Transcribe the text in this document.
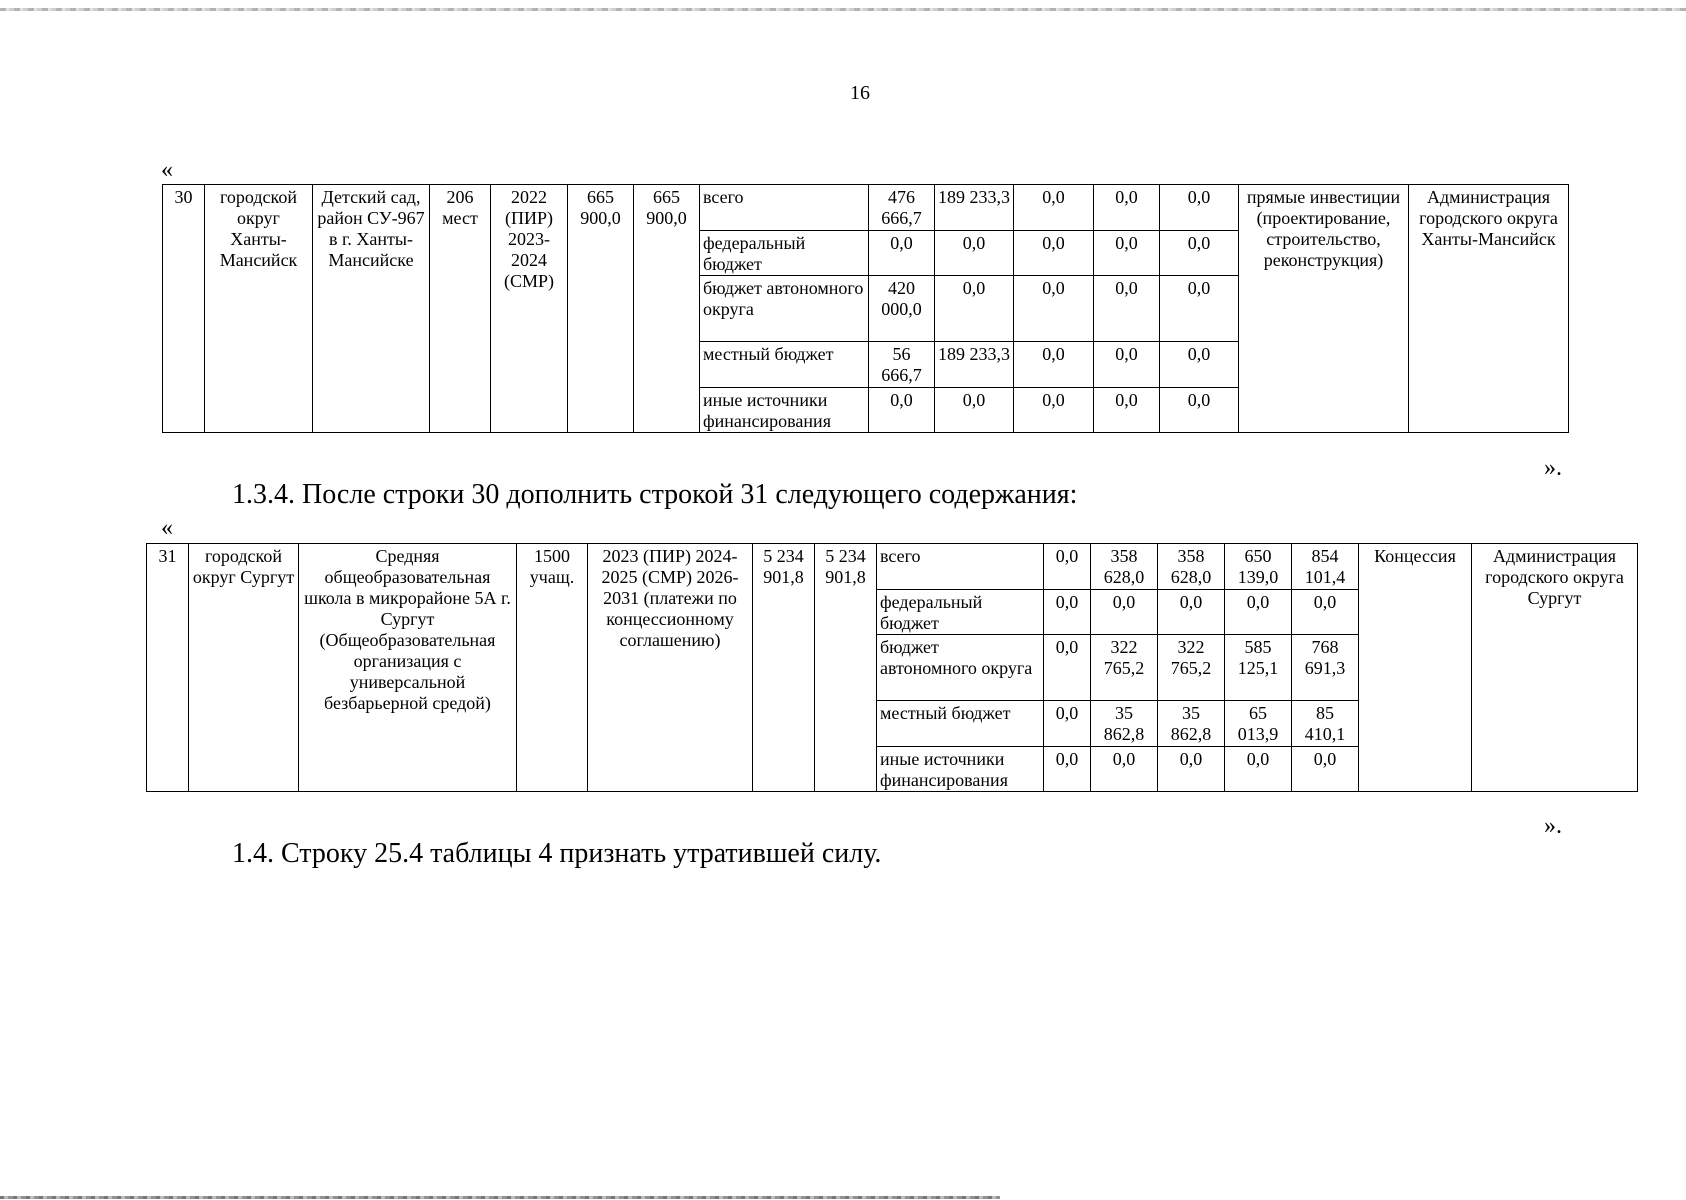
16
«
30	городской округ Ханты-Мансийск	Детский сад, район СУ-967 в г. Ханты-Мансийске	206 мест	2022 (ПИР) 2023-2024 (СМР)	665 900,0	665 900,0	всего	476 666,7	189 233,3	0,0	0,0	0,0	прямые инвестиции (проектирование, строительство, реконструкция)	Администрация городского округа Ханты-Мансийск
							федеральный бюджет	0,0	0,0	0,0	0,0	0,0		
							бюджет автономного округа	420 000,0	0,0	0,0	0,0	0,0		
							местный бюджет	56 666,7	189 233,3	0,0	0,0	0,0		
							иные источники финансирования	0,0	0,0	0,0	0,0	0,0		
».
1.3.4. После строки 30 дополнить строкой 31 следующего содержания:
«
31	городской округ Сургут	Средняя общеобразовательная школа в микрорайоне 5А г. Сургут (Общеобразовательная организация с универсальной безбарьерной средой)	1500 учащ.	2023 (ПИР) 2024-2025 (СМР) 2026-2031 (платежи по концессионному соглашению)	5 234 901,8	5 234 901,8	всего	0,0	358 628,0	358 628,0	650 139,0	854 101,4	Концессия	Администрация городского округа Сургут
							федеральный бюджет	0,0	0,0	0,0	0,0	0,0		
							бюджет автономного округа	0,0	322 765,2	322 765,2	585 125,1	768 691,3		
							местный бюджет	0,0	35 862,8	35 862,8	65 013,9	85 410,1		
							иные источники финансирования	0,0	0,0	0,0	0,0	0,0		
».
1.4. Строку 25.4 таблицы 4 признать утратившей силу.
